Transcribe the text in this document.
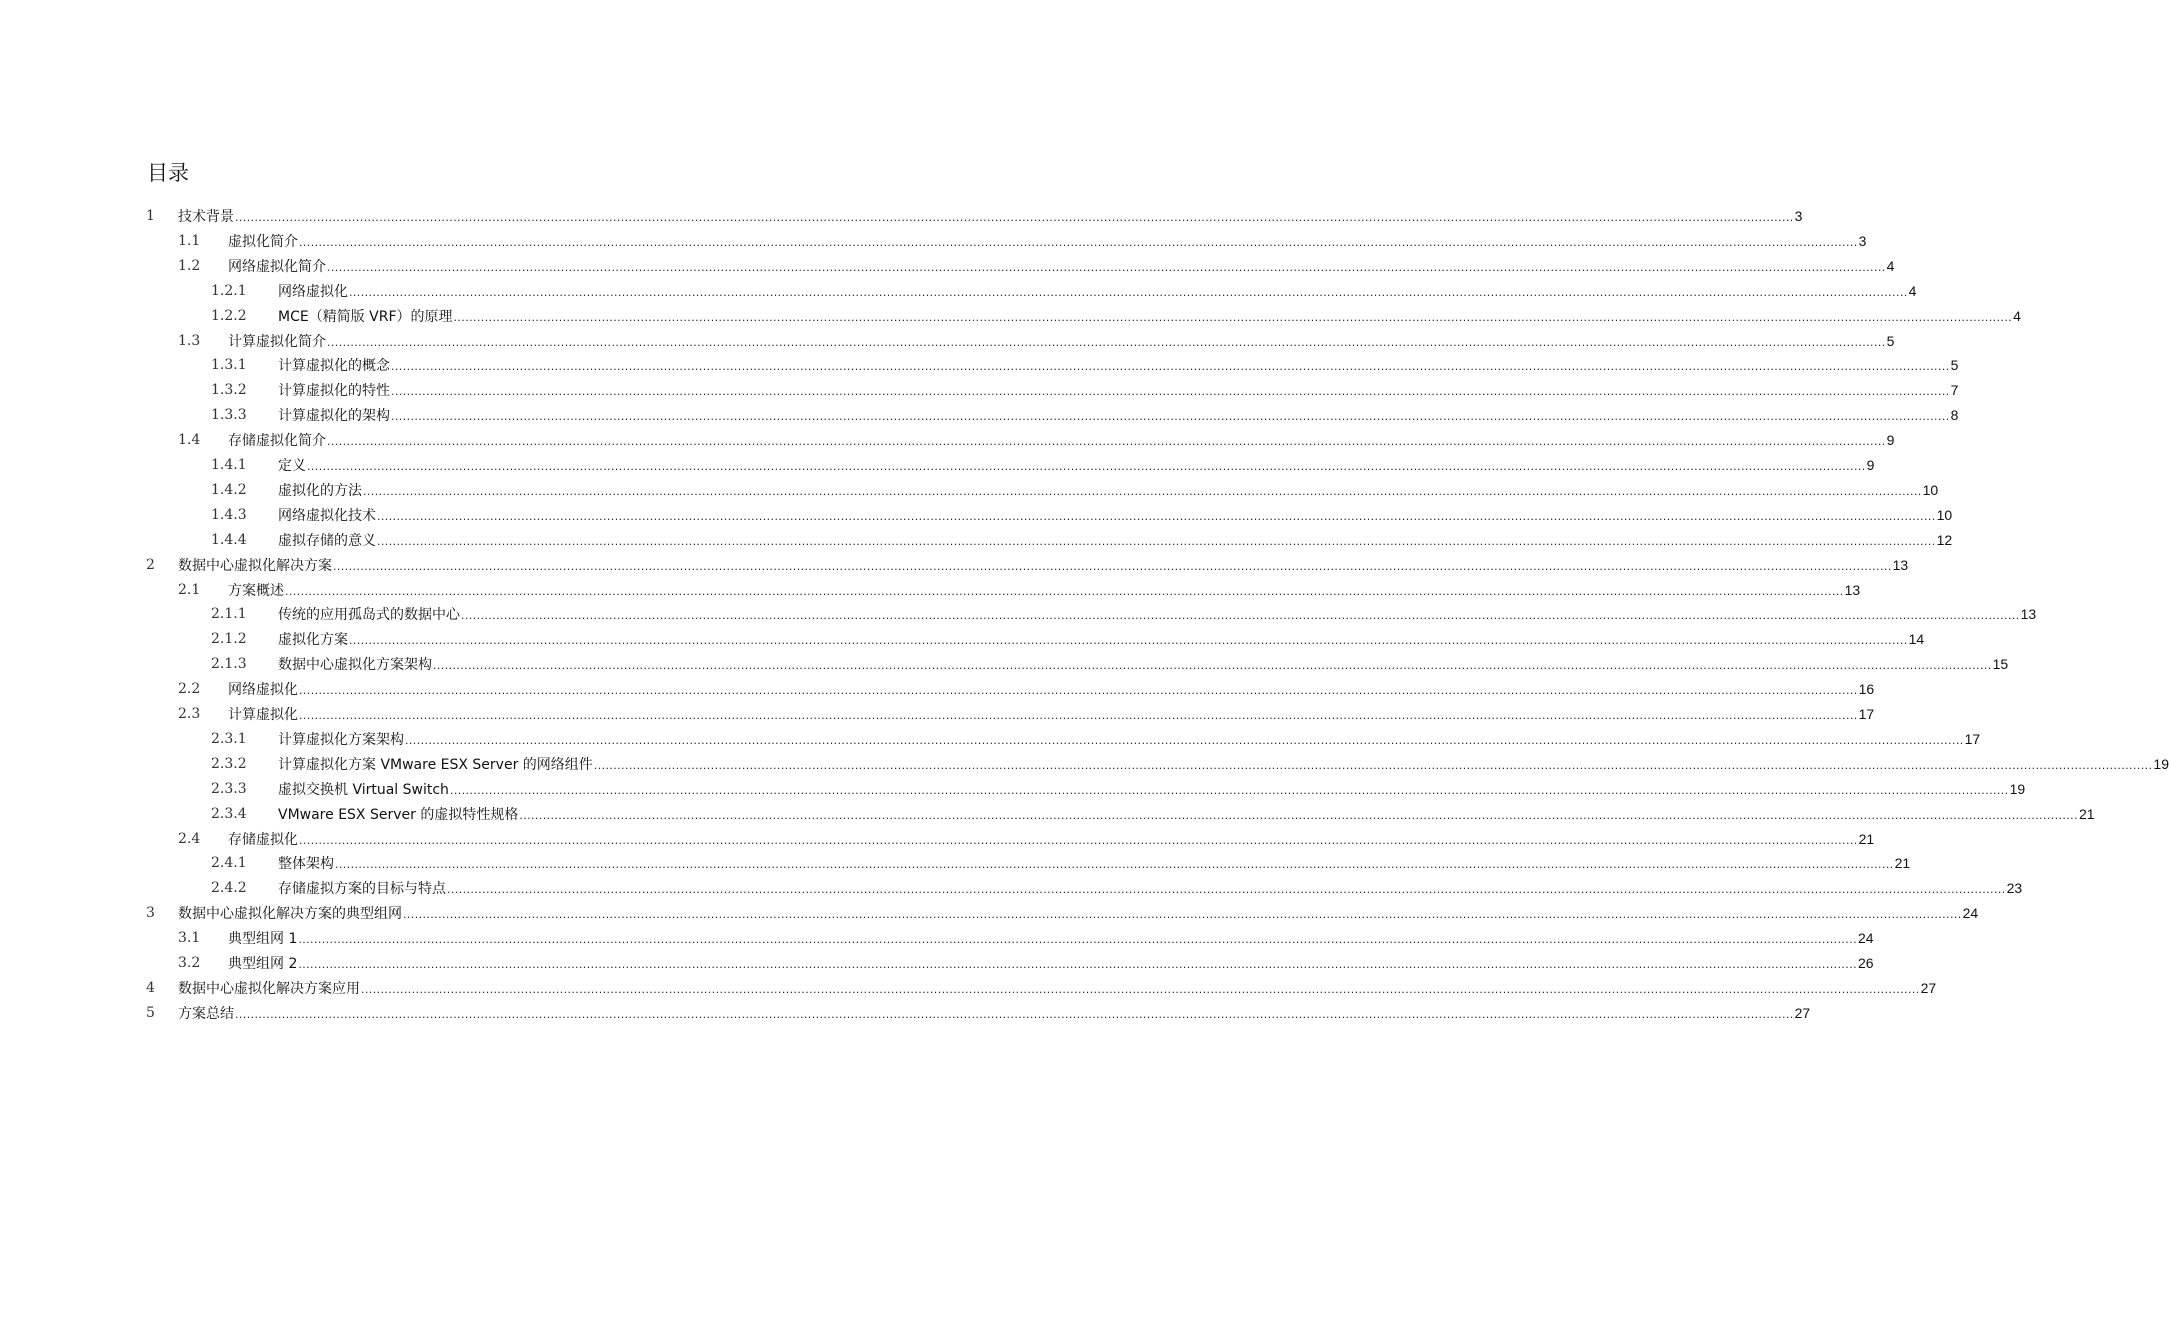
目录
1 技术背景 ................................................................................................................................................................................................................................................................................................................................................................................................................ 3
1.1 虚拟化简介 ................................................................................................................................................................................................................................................................................................................................................................................................................ 3
1.2 网络虚拟化简介 ................................................................................................................................................................................................................................................................................................................................................................................................................ 4
1.2.1 网络虚拟化 ................................................................................................................................................................................................................................................................................................................................................................................................................ 4
1.2.2 MCE（精简版 VRF）的原理 ................................................................................................................................................................................................................................................................................................................................................................................................................ 4
1.3 计算虚拟化简介 ................................................................................................................................................................................................................................................................................................................................................................................................................ 5
1.3.1 计算虚拟化的概念 ................................................................................................................................................................................................................................................................................................................................................................................................................ 5
1.3.2 计算虚拟化的特性 ................................................................................................................................................................................................................................................................................................................................................................................................................ 7
1.3.3 计算虚拟化的架构 ................................................................................................................................................................................................................................................................................................................................................................................................................ 8
1.4 存储虚拟化简介 ................................................................................................................................................................................................................................................................................................................................................................................................................ 9
1.4.1 定义 ................................................................................................................................................................................................................................................................................................................................................................................................................ 9
1.4.2 虚拟化的方法 ................................................................................................................................................................................................................................................................................................................................................................................................................ 10
1.4.3 网络虚拟化技术 ................................................................................................................................................................................................................................................................................................................................................................................................................ 10
1.4.4 虚拟存储的意义 ................................................................................................................................................................................................................................................................................................................................................................................................................ 12
2 数据中心虚拟化解决方案 ................................................................................................................................................................................................................................................................................................................................................................................................................ 13
2.1 方案概述 ................................................................................................................................................................................................................................................................................................................................................................................................................ 13
2.1.1 传统的应用孤岛式的数据中心 ................................................................................................................................................................................................................................................................................................................................................................................................................ 13
2.1.2 虚拟化方案 ................................................................................................................................................................................................................................................................................................................................................................................................................ 14
2.1.3 数据中心虚拟化方案架构 ................................................................................................................................................................................................................................................................................................................................................................................................................ 15
2.2 网络虚拟化 ................................................................................................................................................................................................................................................................................................................................................................................................................ 16
2.3 计算虚拟化 ................................................................................................................................................................................................................................................................................................................................................................................................................ 17
2.3.1 计算虚拟化方案架构 ................................................................................................................................................................................................................................................................................................................................................................................................................ 17
2.3.2 计算虚拟化方案 VMware ESX Server 的网络组件 ................................................................................................................................................................................................................................................................................................................................................................................................................ 19
2.3.3 虚拟交换机 Virtual Switch ................................................................................................................................................................................................................................................................................................................................................................................................................ 19
2.3.4 VMware ESX Server 的虚拟特性规格 ................................................................................................................................................................................................................................................................................................................................................................................................................ 21
2.4 存储虚拟化 ................................................................................................................................................................................................................................................................................................................................................................................................................ 21
2.4.1 整体架构 ................................................................................................................................................................................................................................................................................................................................................................................................................ 21
2.4.2 存储虚拟方案的目标与特点 ................................................................................................................................................................................................................................................................................................................................................................................................................ 23
3 数据中心虚拟化解决方案的典型组网 ................................................................................................................................................................................................................................................................................................................................................................................................................ 24
3.1 典型组网 1 ................................................................................................................................................................................................................................................................................................................................................................................................................ 24
3.2 典型组网 2 ................................................................................................................................................................................................................................................................................................................................................................................................................ 26
4 数据中心虚拟化解决方案应用 ................................................................................................................................................................................................................................................................................................................................................................................................................ 27
5 方案总结 ................................................................................................................................................................................................................................................................................................................................................................................................................ 27
